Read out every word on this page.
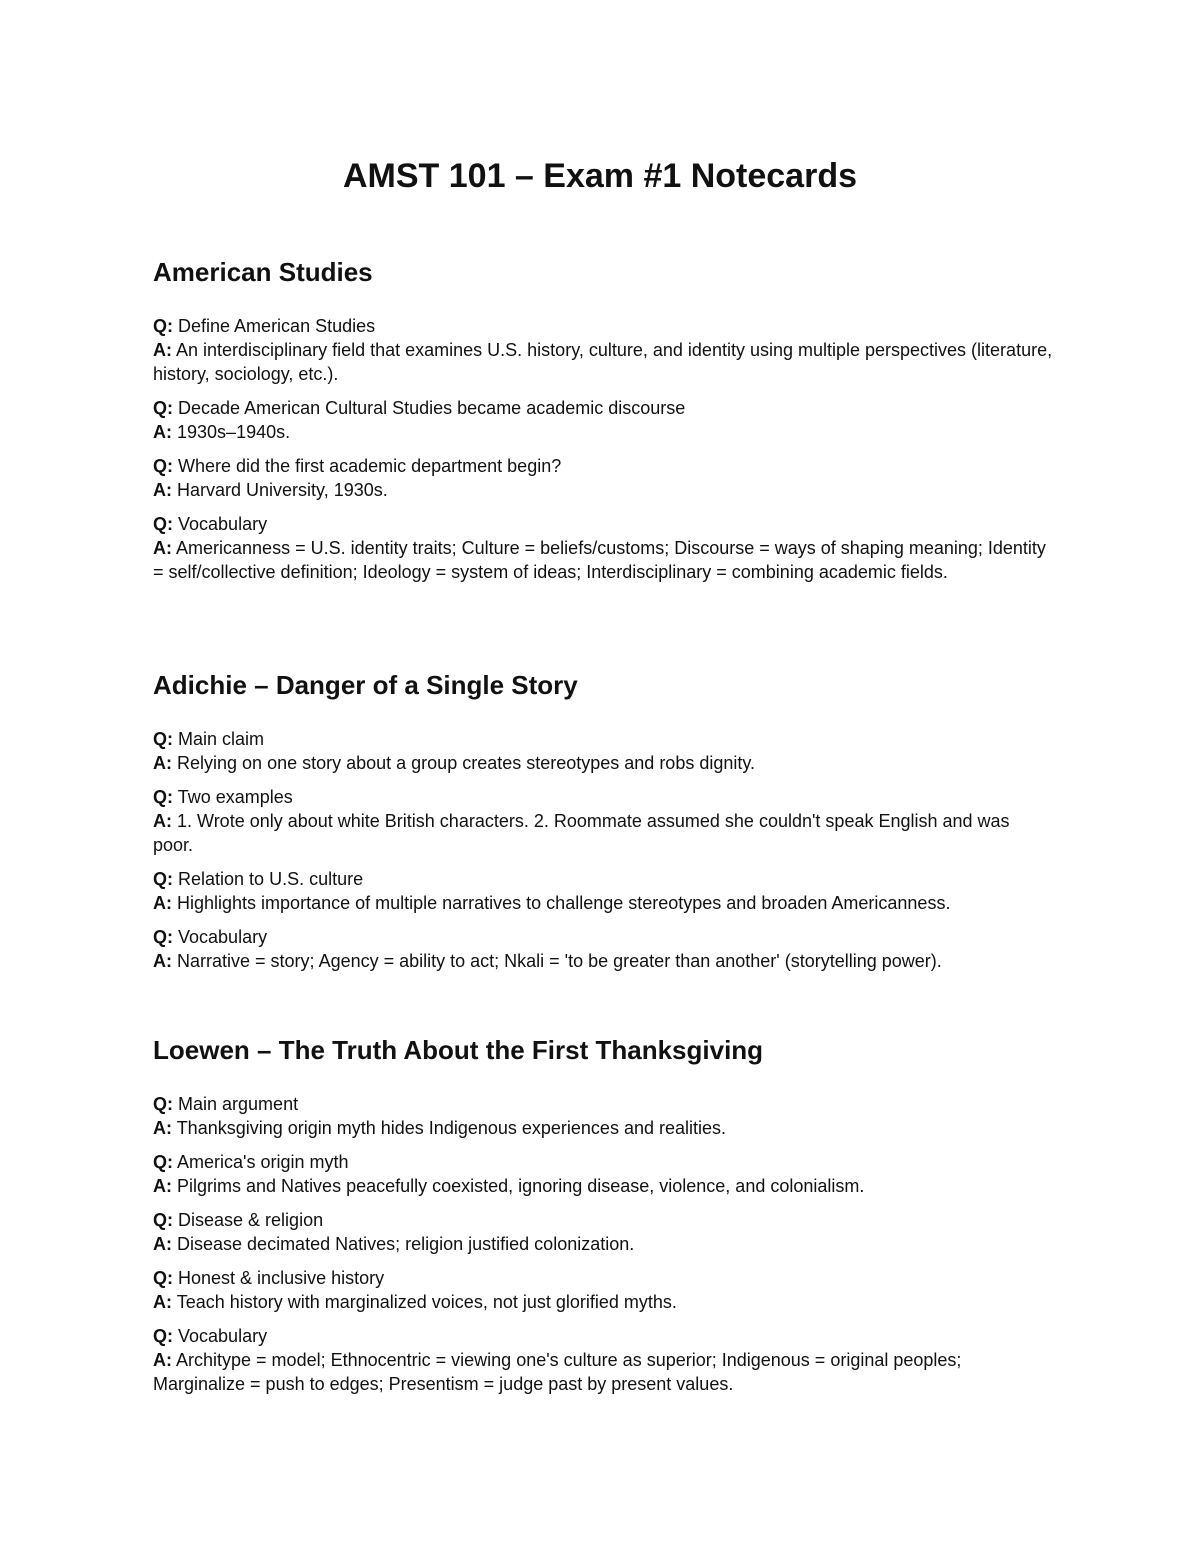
AMST 101 – Exam #1 Notecards
American Studies
Q: Define American Studies
A: An interdisciplinary field that examines U.S. history, culture, and identity using multiple perspectives (literature, history, sociology, etc.).
Q: Decade American Cultural Studies became academic discourse
A: 1930s–1940s.
Q: Where did the first academic department begin?
A: Harvard University, 1930s.
Q: Vocabulary
A: Americanness = U.S. identity traits; Culture = beliefs/customs; Discourse = ways of shaping meaning; Identity = self/collective definition; Ideology = system of ideas; Interdisciplinary = combining academic fields.
Adichie – Danger of a Single Story
Q: Main claim
A: Relying on one story about a group creates stereotypes and robs dignity.
Q: Two examples
A: 1. Wrote only about white British characters. 2. Roommate assumed she couldn't speak English and was poor.
Q: Relation to U.S. culture
A: Highlights importance of multiple narratives to challenge stereotypes and broaden Americanness.
Q: Vocabulary
A: Narrative = story; Agency = ability to act; Nkali = 'to be greater than another' (storytelling power).
Loewen – The Truth About the First Thanksgiving
Q: Main argument
A: Thanksgiving origin myth hides Indigenous experiences and realities.
Q: America's origin myth
A: Pilgrims and Natives peacefully coexisted, ignoring disease, violence, and colonialism.
Q: Disease & religion
A: Disease decimated Natives; religion justified colonization.
Q: Honest & inclusive history
A: Teach history with marginalized voices, not just glorified myths.
Q: Vocabulary
A: Architype = model; Ethnocentric = viewing one's culture as superior; Indigenous = original peoples; Marginalize = push to edges; Presentism = judge past by present values.
